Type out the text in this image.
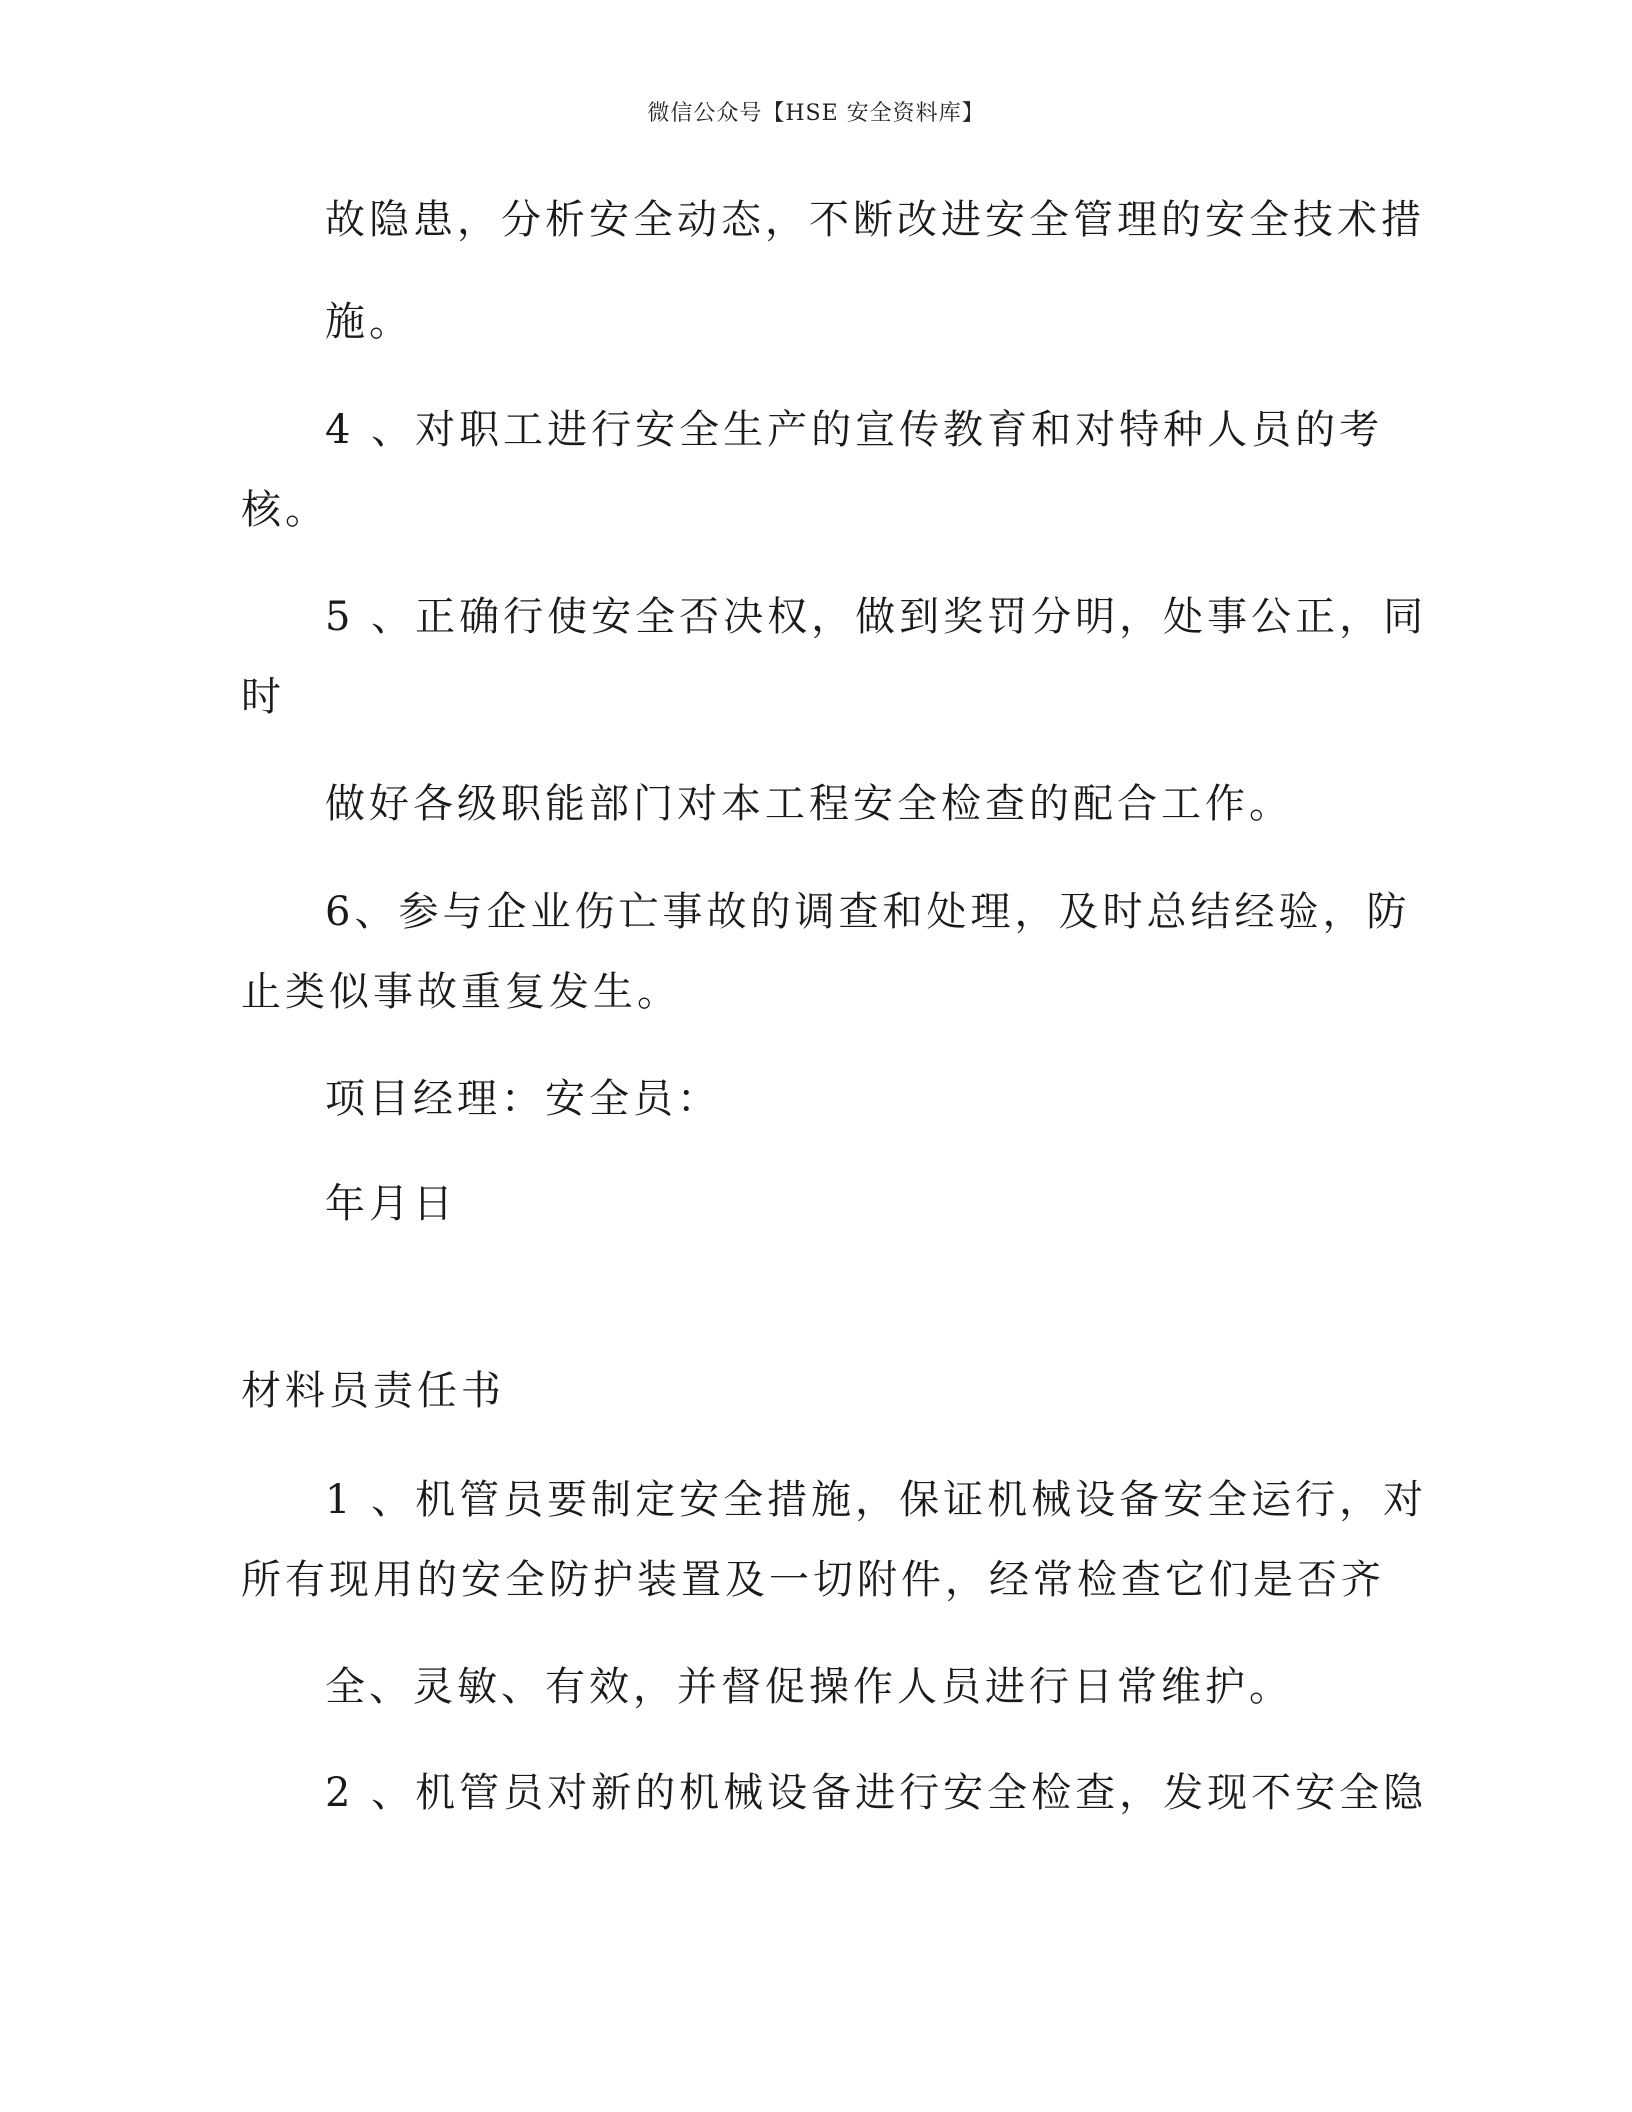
微信公众号【HSE 安全资料库】
故隐患，分析安全动态，不断改进安全管理的安全技术措
施。
4 、对职工进行安全生产的宣传教育和对特种人员的考
核。
5 、正确行使安全否决权，做到奖罚分明，处事公正，同
时
做好各级职能部门对本工程安全检查的配合工作。
6、参与企业伤亡事故的调查和处理，及时总结经验，防
止类似事故重复发生。
项目经理：安全员：
年月日
材料员责任书
1 、机管员要制定安全措施，保证机械设备安全运行，对
所有现用的安全防护装置及一切附件，经常检查它们是否齐
全、灵敏、有效，并督促操作人员进行日常维护。
2 、机管员对新的机械设备进行安全检查，发现不安全隐
